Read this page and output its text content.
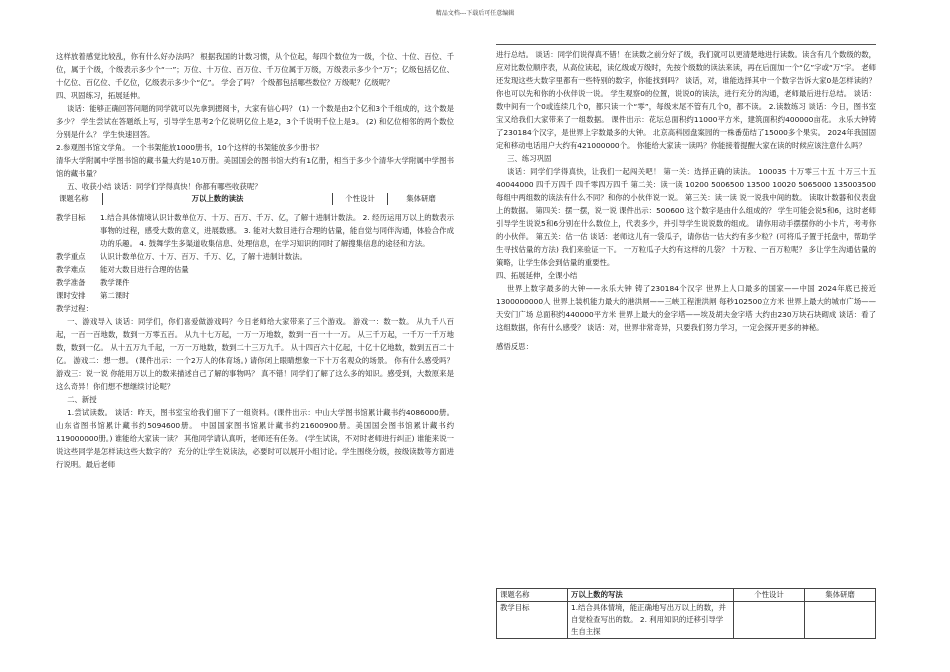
精品文档---下载后可任意编辑

这样放着感觉比较乱，你有什么好办法吗？ 根据我国的计数习惯，从个位起，每四个数位为一级，个位、十位、百位、千位，属于个级，个级表示多少个“一”；万位、十万位、百万位、千万位属于万级，万级表示多少个“万”；亿级包括亿位、十亿位、百亿位、千亿位，亿级表示多少个“亿”。 学会了吗？ 个级都包括哪些数位？万级呢？亿级呢？

四、巩固练习，拓展延伸。

谈话：能够正确回答问题的同学就可以先拿到摁阅卡，大家有信心吗？ (1) 一个数是由2个亿和3个千组成的，这个数是多少？ 学生尝试在答题纸上写，引导学生思考2个亿说明亿位上是2，3个千说明千位上是3。 (2) 和亿位相邻的两个数位分别是什么？ 学生快速回答。

2.参观图书馆文学角。 一个书架能放1000册书，10个这样的书架能放多少册书？

清华大学附属中学图书馆的藏书量大约是10万册。美国国会的图书馆大约有1亿册，相当于多少个清华大学附属中学图书馆的藏书量？

五、收获小结 谈话：同学们学得真快！你都有哪些收获呢？

课题名称	万以上数的读法	个性设计	集体研磨
教学目标	1.结合具体情境认识计数单位万、十万、百万、千万、亿，了解十进制计数法。 2. 经历运用万以上的数表示事物的过程，感受大数的意义，进展数感。 3. 能对大数目进行合理的估量，能自觉与同伴沟通，体验合作成功的乐趣。 4. 鼓舞学生多渠道收集信息、处理信息，在学习知识的同时了解搜集信息的途径和方法。
教学重点	认识计数单位万、十万、百万、千万、亿，了解十进制计数法。
教学难点	能对大数目进行合理的估量
教学准备	教学课件
课时安排	第二课时

教学过程：

一、游戏导入 谈话：同学们，你们喜爱做游戏吗？今日老师给大家带来了三个游戏。 游戏一：数一数。 从九千八百起，一百一百地数，数到一万零五百。 从九十七万起，一万一万地数，数到一百一十一万。 从三千万起，一千万一千万地数，数到一亿。 从十五万九千起，一万一万地数，数到二十三万九千。 从十四百六十亿起，十亿十亿地数，数到五百二十亿。 游戏二：想一想。 (课件出示：一个2万人的体育场。) 请你闭上眼睛想象一下十万名观众的场景。 你有什么感受吗？ 游戏三：说一说 你能用万以上的数来描述自己了解的事物吗？ 真不错！同学们了解了这么多的知识。感受到，大数原来是这么奇异！你们想不想继续讨论呢？

二、新授

1.尝试读数。 谈话：昨天，图书室宝给我们留下了一组资料。(课件出示：中山大学图书馆累计藏书约4086000册。 山东省图书馆累计藏书约5094600册。 中国国家图书馆累计藏书约21600900册。美国国会图书馆累计藏书约119000000册。) 谁能给大家读一读？ 其他同学请认真听，老师还有任务。 (学生试读，不对时老师进行纠正) 谁能来说一说这些同学是怎样读这些大数字的？ 充分的让学生说读法，必要时可以展开小组讨论。学生围绕分级，按级读数等方面进行说明。最后老师

进行总结。 谈话：同学们说得真不错！在读数之前分好了级，我们就可以更清楚地进行读数。读含有几个数级的数，应对比数位顺序表，从高位读起，读亿级或万级时，先按个级数的读法来读，再在后面加一个“亿”字或“万”字。 老师还发现这些大数字里都有一些特别的数字，你能找到吗？ 谈话，对，谁能选择其中一个数字告诉大家0是怎样读的？你也可以先和你的小伙伴说一说。 学生观察0的位置，说说0的读法，进行充分的沟通，老师最后进行总结。 谈话：数中间有一个0或连续几个0，都只读一个“零”，每级末尾不管有几个0，都不读。 2.读数练习 谈话：今日，图书室宝又给我们大家带来了一组数据。 课件出示：花坛总面积约11000平方米，建筑面积约400000亩花。 永乐大钟铸了230184个汉字，是世界上字数最多的大钟。 北京高科园盘案园的一株番茄结了15000多个果实。 2024年我国固定和移动电话用户大约有421000000个。 你能给大家读一读吗？你能接着提醒大家在读的时候应该注意什么吗？

三、练习巩固

谈话：同学们学得真快，让我们一起闯关吧！ 第一关：选择正确的读法。 100035 十万零三十五 十万三十五 40044000 四千万四千 四千零四万四千 第二关：读一读 10200 5006500 13500 10020 5065000 135003500 每组中两组数的读法有什么不同？和你的小伙伴说一说。 第三关：读一读 说一说我中间的数。 读取计数器和仪表盘上的数据。 第四关：摆一摆，说一说 课件出示：500600 这个数字是由什么组成的？ 学生可能会说5和6，这时老师引导学生说说5和6分别在什么数位上，代表多少，并引导学生说说数的组成。 请你用动手摆摆你的小卡片，考考你的小伙伴。 第五关：估一估 谈话：老师这儿有一袋瓜子，请你估一估大约有多少粒？(可将瓜子置于托盘中，帮助学生寻找估量的方法) 我们来验证一下。 一万粒瓜子大约有这样的几袋？ 十万粒、一百万粒呢？ 多让学生沟通估量的策略，让学生体会到估量的重要性。

四、拓展延伸，全课小结

世界上数字最多的大钟——永乐大钟 铸了230184个汉字 世界上人口最多的国家——中国 2024年底已接近1300000000人 世界上装机能力最大的港洪闸——三峡工程泄洪闸 每秒102500立方米 世界上最大的城市广场——天安门广场 总面积约440000平方米 世界上最大的金字塔——埃及胡夫金字塔 大约由230万块石块砌成 谈话：看了这组数据，你有什么感受？ 谈话：对，世界非常奇异，只要我们努力学习，一定会探开更多的神秘。

感悟反思：

课题名称	万以上数的写法	个性设计	集体研磨
教学目标	1.结合具体情境，能正确地写出万以上的数，并自觉检查写出的数。 2. 利用知识的迁移引导学生自主探		
